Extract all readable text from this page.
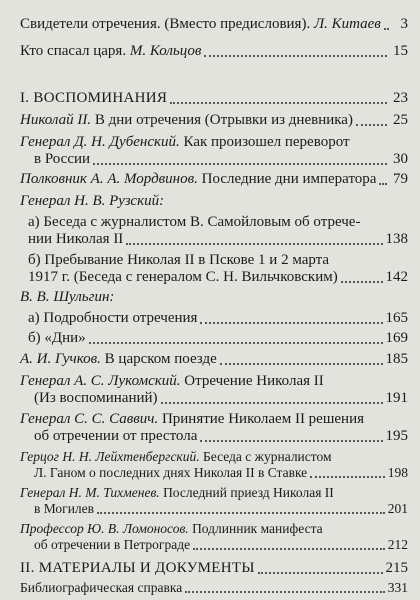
Свидетели отречения. (Вместо предисловия). Л. Китаев	3
Кто спасал царя. М. Кольцов	15
I. ВОСПОМИНАНИЯ	23
Николай II. В дни отречения (Отрывки из дневника)	25
Генерал Д. Н. Дубенский. Как произошел переворот
в России	30
Полковник А. А. Мордвинов. Последние дни императора 79
Генерал Н. В. Рузский:
а) Беседа с журналистом В. Самойловым об отрече-
нии Николая II	138
б) Пребывание Николая II в Пскове 1 и 2 марта
1917 г. (Беседа с генералом С. Н. Вильчковским)	142
В. В. Шульгин:
а) Подробности отречения	165
б) «Дни»	169
А. И. Гучков. В царском поезде	185
Генерал А. С. Лукомский. Отречение Николая II
(Из воспоминаний)	191
Генерал С. С. Саввич. Принятие Николаем II решения
об отречении от престола	195
Герцог Н. Н. Лейхтенбергский. Беседа с журналистом
Л. Ганом о последних днях Николая II в Ставке	198
Генерал Н. М. Тихменев. Последний приезд Николая II
в Могилев	201
Профессор Ю. В. Ломоносов. Подлинник манифеста
об отречении в Петрограде	212
II. МАТЕРИАЛЫ И ДОКУМЕНТЫ	215
Библиографическая справка	331
